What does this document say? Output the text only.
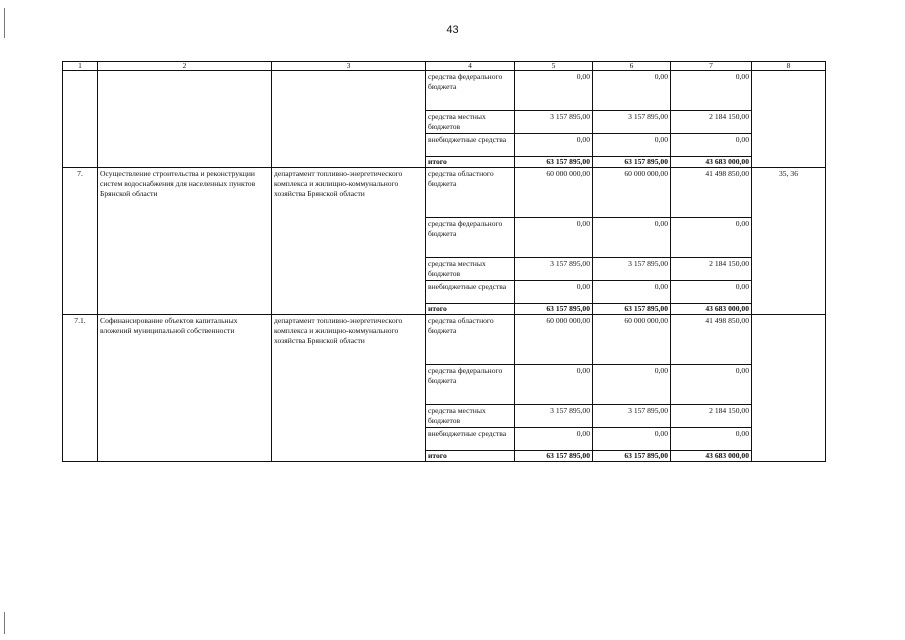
43
1	2	3	4	5	6	7	8
			средства федерального бюджета	0,00	0,00	0,00	
			средства местных бюджетов	3 157 895,00	3 157 895,00	2 184 150,00	
			внебюджетные средства	0,00	0,00	0,00	
			итого	63 157 895,00	63 157 895,00	43 683 000,00	
7.	Осуществление строительства и реконструкции систем водоснабжения для населенных пунктов Брянской области	департамент топливно-энергетического комплекса и жилищно-коммунального хозяйства Брянской области	средства областного бюджета	60 000 000,00	60 000 000,00	41 498 850,00	35, 36
			средства федерального бюджета	0,00	0,00	0,00	
			средства местных бюджетов	3 157 895,00	3 157 895,00	2 184 150,00	
			внебюджетные средства	0,00	0,00	0,00	
			итого	63 157 895,00	63 157 895,00	43 683 000,00	
7.1.	Софинансирование объектов капитальных вложений муниципальной собственности	департамент топливно-энергетического комплекса и жилищно-коммунального хозяйства Брянской области	средства областного бюджета	60 000 000,00	60 000 000,00	41 498 850,00	
			средства федерального бюджета	0,00	0,00	0,00	
			средства местных бюджетов	3 157 895,00	3 157 895,00	2 184 150,00	
			внебюджетные средства	0,00	0,00	0,00	
			итого	63 157 895,00	63 157 895,00	43 683 000,00	
